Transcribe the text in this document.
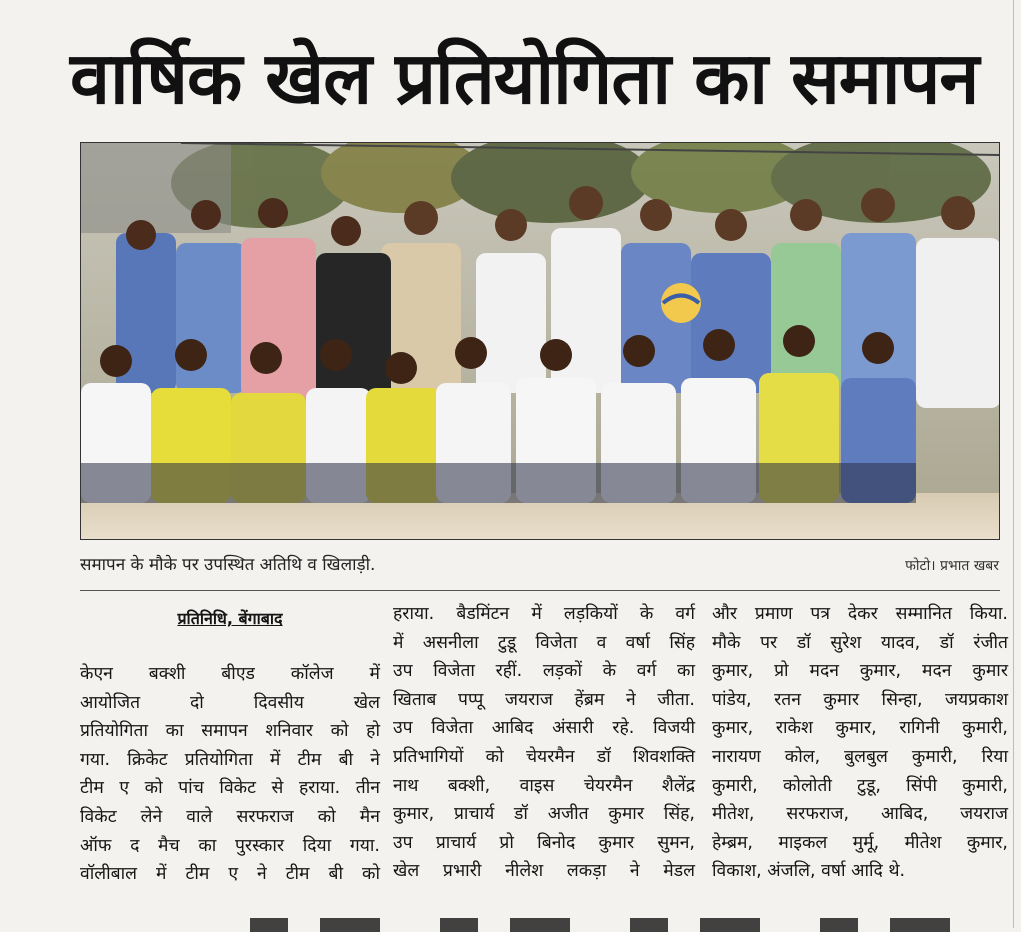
वार्षिक खेल प्रतियोगिता का समापन
समापन के मौके पर उपस्थित अतिथि व खिलाड़ी.	फोटो। प्रभात खबर
प्रतिनिधि, बेंगाबाद

केएन बक्शी बीएड कॉलेज में

आयोजित दो दिवसीय खेल

प्रतियोगिता का समापन शनिवार को हो

गया. क्रिकेट प्रतियोगिता में टीम बी ने

टीम ए को पांच विकेट से हराया. तीन

विकेट लेने वाले सरफराज को मैन

ऑफ द मैच का पुरस्कार दिया गया.

वॉलीबाल में टीम ए ने टीम बी को

हराया. बैडमिंटन में लड़कियों के वर्ग

में असनीला टुडू विजेता व वर्षा सिंह

उप विजेता रहीं. लड़कों के वर्ग का

खिताब पप्पू जयराज हेंब्रम ने जीता.

उप विजेता आबिद अंसारी रहे. विजयी

प्रतिभागियों को चेयरमैन डॉ शिवशक्ति

नाथ बक्शी, वाइस चेयरमैन शैलेंद्र

कुमार, प्राचार्य डॉ अजीत कुमार सिंह,

उप प्राचार्य प्रो बिनोद कुमार सुमन,

खेल प्रभारी नीलेश लकड़ा ने मेडल

और प्रमाण पत्र देकर सम्मानित किया.

मौके पर डॉ सुरेश यादव, डॉ रंजीत

कुमार, प्रो मदन कुमार, मदन कुमार

पांडेय, रतन कुमार सिन्हा, जयप्रकाश

कुमार, राकेश कुमार, रागिनी कुमारी,

नारायण कोल, बुलबुल कुमारी, रिया

कुमारी, कोलोती टुडू, सिंपी कुमारी,

मीतेश, सरफराज, आबिद, जयराज

हेम्ब्रम, माइकल मुर्मू, मीतेश कुमार,

विकाश, अंजलि, वर्षा आदि थे.
